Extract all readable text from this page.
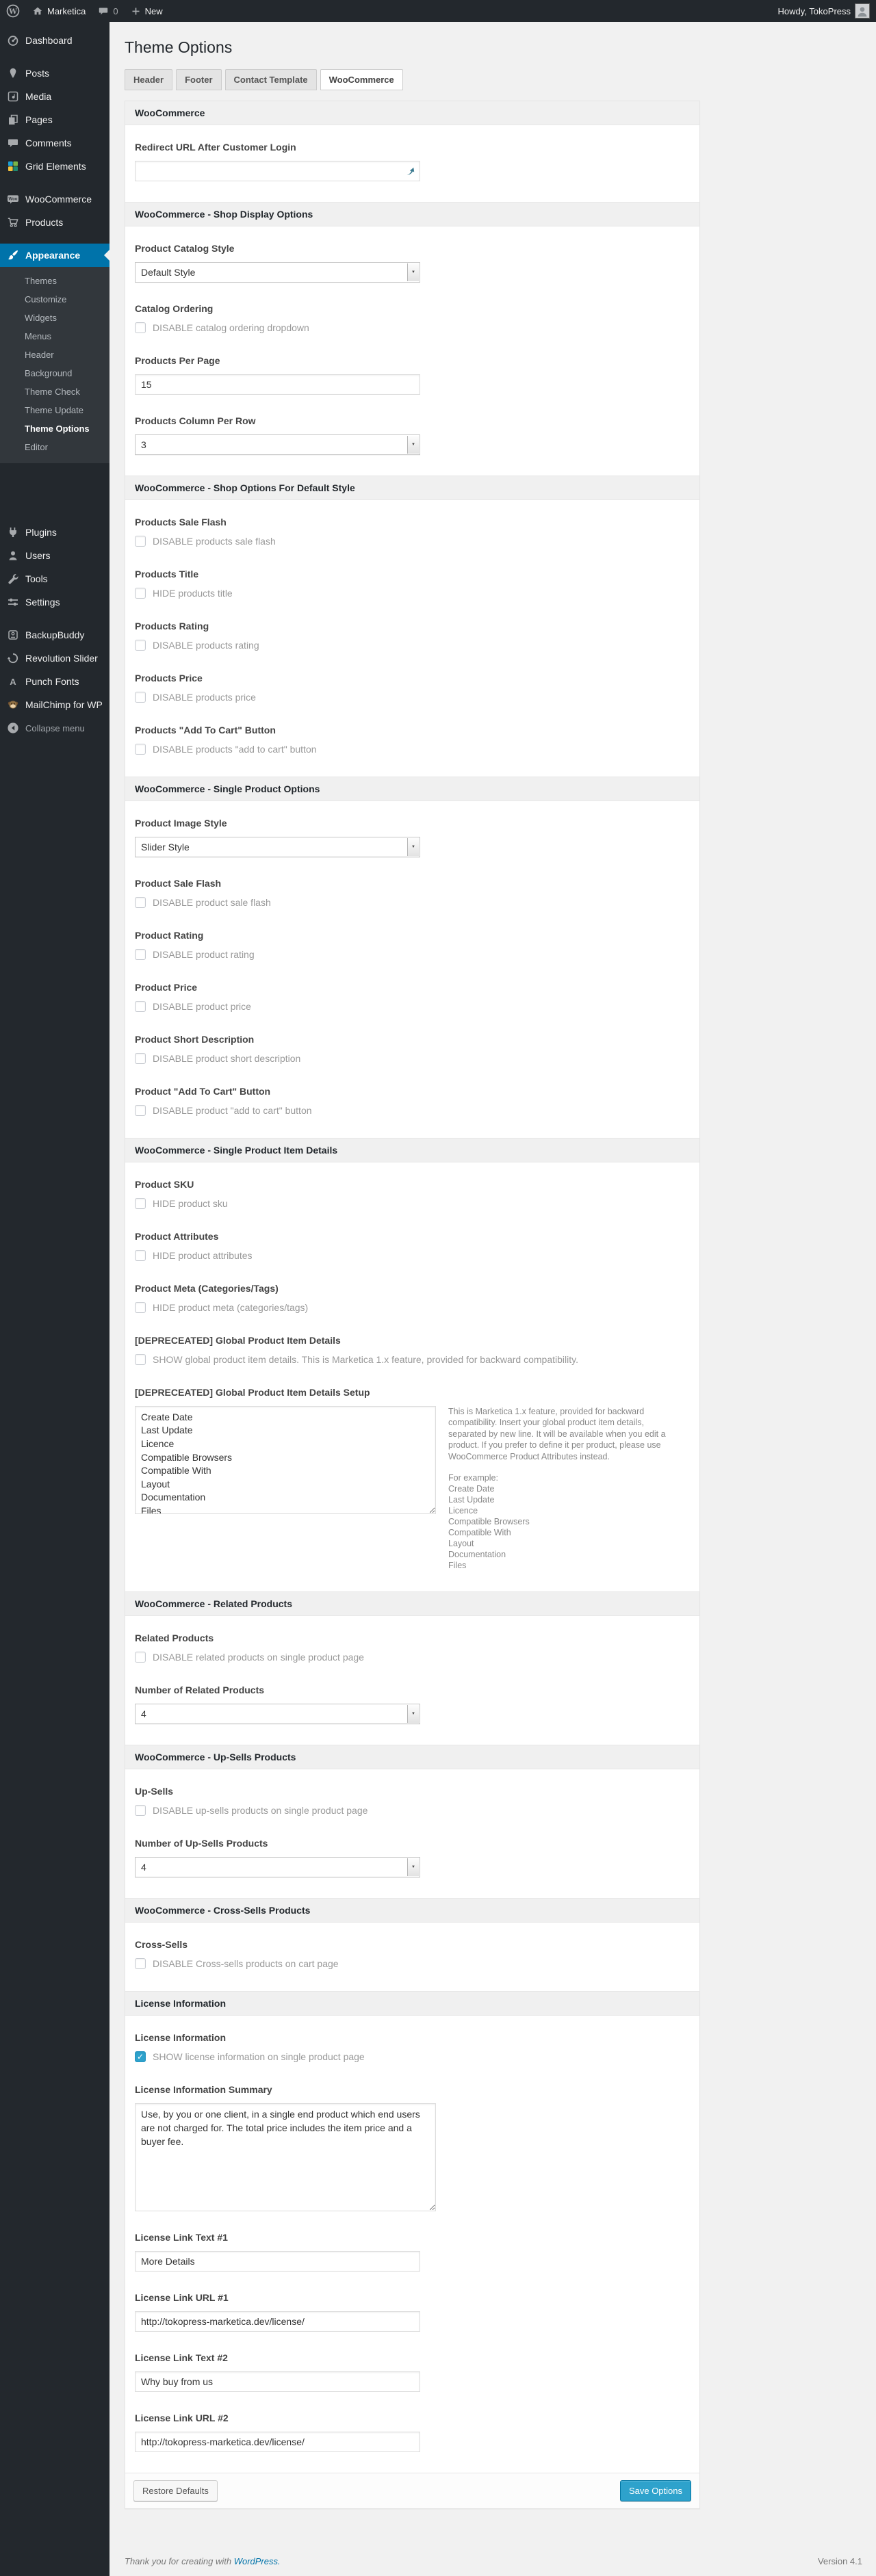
W	Marketica	0	New	Howdy, TokoPress
Dashboard
Posts
Media
Pages
Comments
Grid Elements
Woo WooCommerce
Products
Appearance
Themes
Customize
Widgets
Menus
Header
Background
Theme Check
Theme Update
Theme Options
Editor
Plugins
Users
Tools
Settings
BackupBuddy
Revolution Slider
A Punch Fonts
MailChimp for WP
Collapse menu
Theme Options
Header Footer Contact Template WooCommerce
WooCommerce
Redirect URL After Customer Login
WooCommerce - Shop Display Options
Product Catalog Style
Default Style	▼
Catalog Ordering
DISABLE catalog ordering dropdown
Products Per Page
15
Products Column Per Row
3	▼
WooCommerce - Shop Options For Default Style
Products Sale Flash
DISABLE products sale flash
Products Title
HIDE products title
Products Rating
DISABLE products rating
Products Price
DISABLE products price
Products "Add To Cart" Button
DISABLE products "add to cart" button
WooCommerce - Single Product Options
Product Image Style
Slider Style	▼
Product Sale Flash
DISABLE product sale flash
Product Rating
DISABLE product rating
Product Price
DISABLE product price
Product Short Description
DISABLE product short description
Product "Add To Cart" Button
DISABLE product "add to cart" button
WooCommerce - Single Product Item Details
Product SKU
HIDE product sku
Product Attributes
HIDE product attributes
Product Meta (Categories/Tags)
HIDE product meta (categories/tags)
[DEPRECEATED] Global Product Item Details
SHOW global product item details. This is Marketica 1.x feature, provided for backward compatibility.
[DEPRECEATED] Global Product Item Details Setup
Create Date Last Update Licence Compatible Browsers Compatible With Layout Documentation Files

This is Marketica 1.x feature, provided for backward compatibility. Insert your global product item details, separated by new line. It will be available when you edit a product. If you prefer to define it per product, please use WooCommerce Product Attributes instead.

For example:
Create Date
Last Update
Licence
Compatible Browsers
Compatible With
Layout
Documentation
Files
WooCommerce - Related Products
Related Products
DISABLE related products on single product page
Number of Related Products
4	▼
WooCommerce - Up-Sells Products
Up-Sells
DISABLE up-sells products on single product page
Number of Up-Sells Products
4	▼
WooCommerce - Cross-Sells Products
Cross-Sells
DISABLE Cross-sells products on cart page
License Information
License Information
✓ SHOW license information on single product page
License Information Summary
Use, by you or one client, in a single end product which end users are not charged for. The total price includes the item price and a buyer fee.
License Link Text #1
More Details
License Link URL #1
http://tokopress-marketica.dev/license/
License Link Text #2
Why buy from us
License Link URL #2
http://tokopress-marketica.dev/license/
Restore Defaults	Save Options
Thank you for creating with WordPress.	Version 4.1
